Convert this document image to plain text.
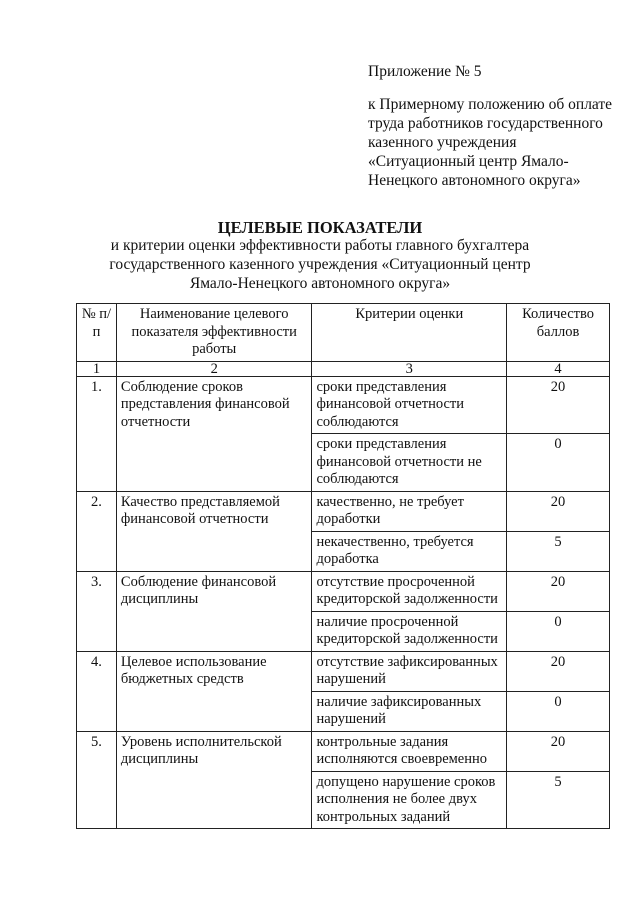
Приложение № 5
к Примерному положению об оплате
труда работников государственного
казенного учреждения
«Ситуационный центр Ямало-
Ненецкого автономного округа»
ЦЕЛЕВЫЕ ПОКАЗАТЕЛИ
и критерии оценки эффективности работы главного бухгалтера
государственного казенного учреждения «Ситуационный центр
Ямало-Ненецкого автономного округа»
№ п/п	Наименование целевого показателя эффективности работы	Критерии оценки	Количество баллов
1	2	3	4
1.	Соблюдение сроков представления финансовой отчетности	сроки представления финансовой отчетности соблюдаются	20
		сроки представления финансовой отчетности не соблюдаются	0
2.	Качество представляемой финансовой отчетности	качественно, не требует доработки	20
		некачественно, требуется доработка	5
3.	Соблюдение финансовой дисциплины	отсутствие просроченной кредиторской задолженности	20
		наличие просроченной кредиторской задолженности	0
4.	Целевое использование бюджетных средств	отсутствие зафиксированных нарушений	20
		наличие зафиксированных нарушений	0
5.	Уровень исполнительской дисциплины	контрольные задания исполняются своевременно	20
		допущено нарушение сроков исполнения не более двух контрольных заданий	5
